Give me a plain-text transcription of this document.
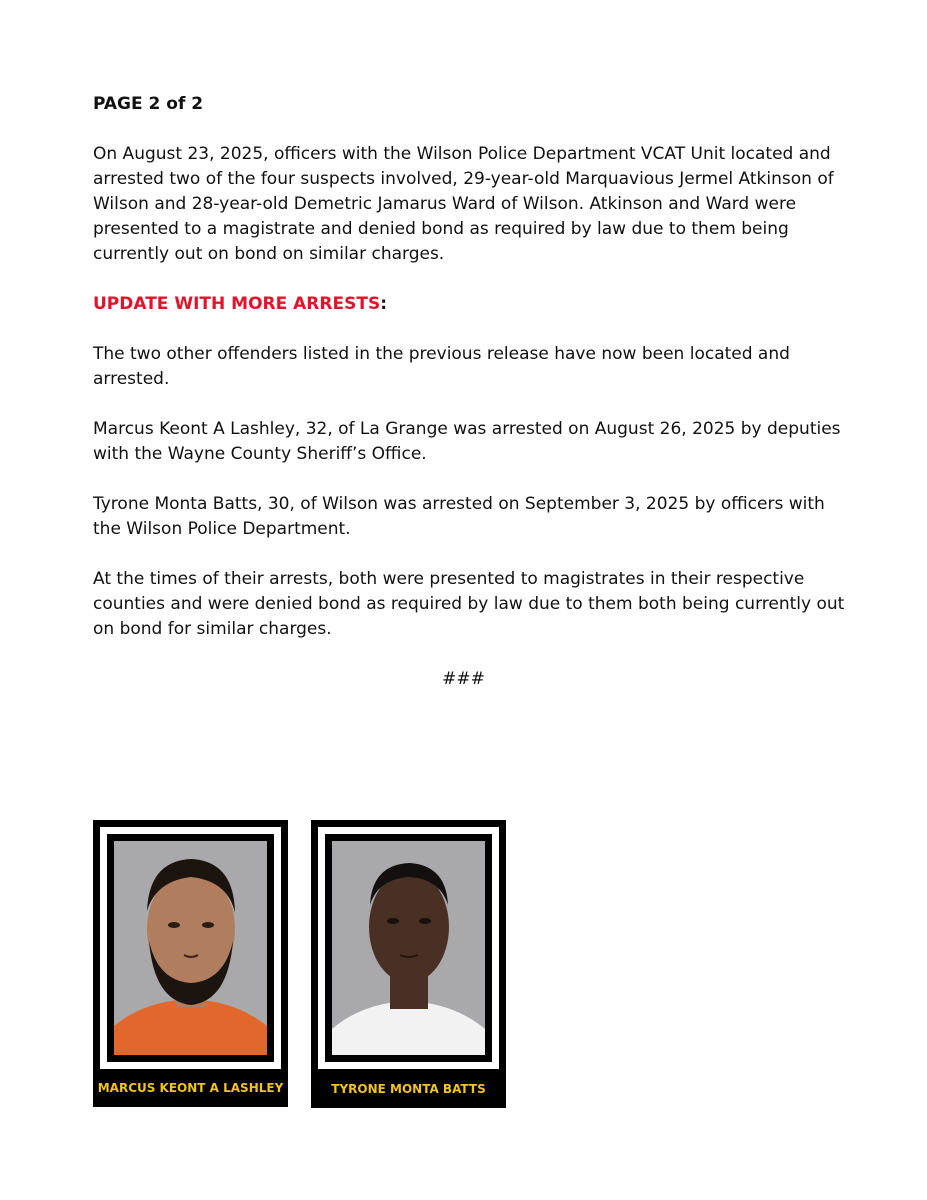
PAGE 2 of 2

On August 23, 2025, officers with the Wilson Police Department VCAT Unit located and arrested two of the four suspects involved, 29-year-old Marquavious Jermel Atkinson of Wilson and 28-year-old Demetric Jamarus Ward of Wilson. Atkinson and Ward were presented to a magistrate and denied bond as required by law due to them being currently out on bond on similar charges.

UPDATE WITH MORE ARRESTS:

The two other offenders listed in the previous release have now been located and arrested.

Marcus Keont A Lashley, 32, of La Grange was arrested on August 26, 2025 by deputies with the Wayne County Sheriff’s Office.

Tyrone Monta Batts, 30, of Wilson was arrested on September 3, 2025 by officers with the Wilson Police Department.

At the times of their arrests, both were presented to magistrates in their respective counties and were denied bond as required by law due to them both being currently out on bond for similar charges.

###

MARCUS KEONT A LASHLEY	TYRONE MONTA BATTS
